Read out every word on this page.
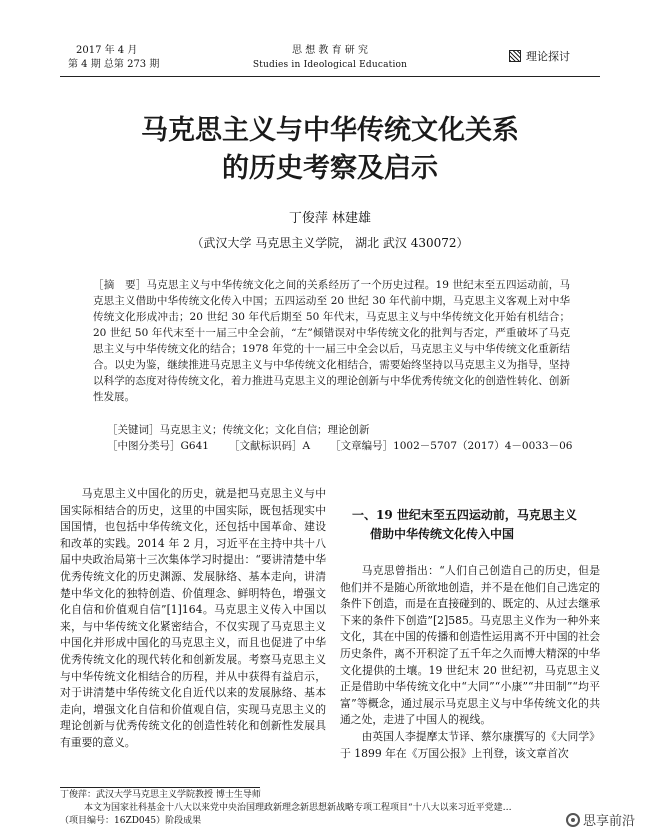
2017 年 4 月
第 4 期 总第 273 期
思 想 教 育 研 究
Studies in Ideological Education
理论探讨
马克思主义与中华传统文化关系
的历史考察及启示
丁俊萍 林建雄
（武汉大学 马克思主义学院， 湖北 武汉 430072）
［摘　要］马克思主义与中华传统文化之间的关系经历了一个历史过程。19 世纪末至五四运动前，马克思主义借助中华传统文化传入中国；五四运动至 20 世纪 30 年代前中期，马克思主义客观上对中华传统文化形成冲击；20 世纪 30 年代后期至 50 年代末，马克思主义与中华传统文化开始有机结合；20 世纪 50 年代末至十一届三中全会前，“左”倾错误对中华传统文化的批判与否定，严重破坏了马克思主义与中华传统文化的结合；1978 年党的十一届三中全会以后，马克思主义与中华传统文化重新结合。以史为鉴，继续推进马克思主义与中华传统文化相结合，需要始终坚持以马克思主义为指导，坚持以科学的态度对待传统文化，着力推进马克思主义的理论创新与中华优秀传统文化的创造性转化、创新性发展。
［关键词］马克思主义；传统文化；文化自信；理论创新
［中图分类号］G641      ［文献标识码］A      ［文章编号］1002－5707（2017）4－0033－06

马克思主义中国化的历史，就是把马克思主义与中国实际相结合的历史，这里的中国实际，既包括现实中国国情，也包括中华传统文化，还包括中国革命、建设和改革的实践。2014 年 2 月，习近平在主持中共十八届中央政治局第十三次集体学习时提出：“要讲清楚中华优秀传统文化的历史渊源、发展脉络、基本走向，讲清楚中华文化的独特创造、价值理念、鲜明特色，增强文化自信和价值观自信”[1]164。马克思主义传入中国以来，与中华传统文化紧密结合，不仅实现了马克思主义中国化并形成中国化的马克思主义，而且也促进了中华优秀传统文化的现代转化和创新发展。考察马克思主义与中华传统文化相结合的历程，并从中获得有益启示，对于讲清楚中华传统文化自近代以来的发展脉络、基本走向，增强文化自信和价值观自信，实现马克思主义的理论创新与优秀传统文化的创造性转化和创新性发展具有重要的意义。

一、19 世纪末至五四运动前，马克思主义
借助中华传统文化传入中国

马克思曾指出：“人们自己创造自己的历史，但是他们并不是随心所欲地创造，并不是在他们自己选定的条件下创造，而是在直接碰到的、既定的、从过去继承下来的条件下创造”[2]585。马克思主义作为一种外来文化，其在中国的传播和创造性运用离不开中国的社会历史条件，离不开积淀了五千年之久而博大精深的中华文化提供的土壤。19 世纪末 20 世纪初，马克思主义正是借助中华传统文化中“大同”“小康”“井田制”“均平富”等概念，通过展示马克思主义与中华传统文化的共通之处，走进了中国人的视线。

由英国人李提摩太节译、蔡尔康撰写的《大同学》于 1899 年在《万国公报》上刊登，该文章首次

丁俊萍：武汉大学马克思主义学院教授 博士生导师
本文为国家社科基金十八大以来党中央治国理政新理念新思想新战略专项工程项目“十八大以来习近平党建…
（项目编号：16ZD045）阶段成果	思享前沿
